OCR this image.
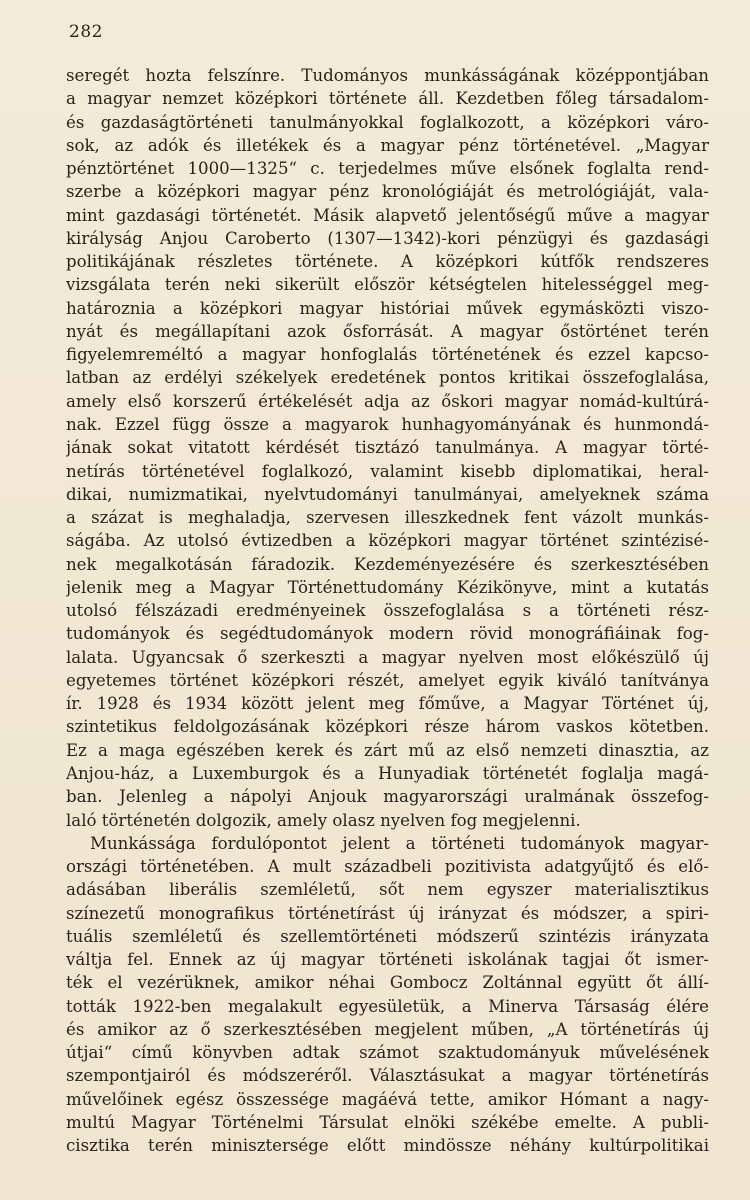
282
seregét hozta felszínre. Tudományos munkásságának középpontjában
a magyar nemzet középkori története áll. Kezdetben főleg társadalom-
és gazdaságtörténeti tanulmányokkal foglalkozott, a középkori váro-
sok, az adók és illetékek és a magyar pénz történetével. „Magyar
pénztörténet 1000—1325“ c. terjedelmes műve elsőnek foglalta rend-
szerbe a középkori magyar pénz kronológiáját és metrológiáját, vala-
mint gazdasági történetét. Másik alapvető jelentőségű műve a magyar
királyság Anjou Caroberto (1307—1342)-kori pénzügyi és gazdasági
politikájának részletes története. A középkori kútfők rendszeres
vizsgálata terén neki sikerült először kétségtelen hitelességgel meg-
határoznia a középkori magyar históriai művek egymásközti viszo-
nyát és megállapítani azok ősforrását. A magyar őstörténet terén
figyelemreméltó a magyar honfoglalás történetének és ezzel kapcso-
latban az erdélyi székelyek eredetének pontos kritikai összefoglalása,
amely első korszerű értékelését adja az őskori magyar nomád-kultúrá-
nak. Ezzel függ össze a magyarok hunhagyományának és hunmondá-
jának sokat vitatott kérdését tisztázó tanulmánya. A magyar törté-
netírás történetével foglalkozó, valamint kisebb diplomatikai, heral-
dikai, numizmatikai, nyelvtudományi tanulmányai, amelyeknek száma
a százat is meghaladja, szervesen illeszkednek fent vázolt munkás-
ságába. Az utolsó évtizedben a középkori magyar történet szintézisé-
nek megalkotásán fáradozik. Kezdeményezésére és szerkesztésében
jelenik meg a Magyar Történettudomány Kézikönyve, mint a kutatás
utolsó félszázadi eredményeinek összefoglalása s a történeti rész-
tudományok és segédtudományok modern rövid monográfiáinak fog-
lalata. Ugyancsak ő szerkeszti a magyar nyelven most előkészülő új
egyetemes történet középkori részét, amelyet egyik kiváló tanítványa
ír. 1928 és 1934 között jelent meg főműve, a Magyar Történet új,
szintetikus feldolgozásának középkori része három vaskos kötetben.
Ez a maga egészében kerek és zárt mű az első nemzeti dinasztia, az
Anjou-ház, a Luxemburgok és a Hunyadiak történetét foglalja magá-
ban. Jelenleg a nápolyi Anjouk magyarországi uralmának összefog-
laló történetén dolgozik, amely olasz nyelven fog megjelenni.
Munkássága fordulópontot jelent a történeti tudományok magyar-
országi történetében. A mult századbeli pozitivista adatgyűjtő és elő-
adásában liberális szemléletű, sőt nem egyszer materialisztikus
színezetű monografikus történetírást új irányzat és módszer, a spiri-
tuális szemléletű és szellemtörténeti módszerű szintézis irányzata
váltja fel. Ennek az új magyar történeti iskolának tagjai őt ismer-
ték el vezérüknek, amikor néhai Gombocz Zoltánnal együtt őt állí-
tották 1922-ben megalakult egyesületük, a Minerva Társaság élére
és amikor az ő szerkesztésében megjelent műben, „A történetírás új
útjai“ című könyvben adtak számot szaktudományuk művelésének
szempontjairól és módszeréről. Választásukat a magyar történetírás
művelőinek egész összessége magáévá tette, amikor Hómant a nagy-
multú Magyar Történelmi Társulat elnöki székébe emelte. A publi-
cisztika terén minisztersége előtt mindössze néhány kultúrpolitikai
